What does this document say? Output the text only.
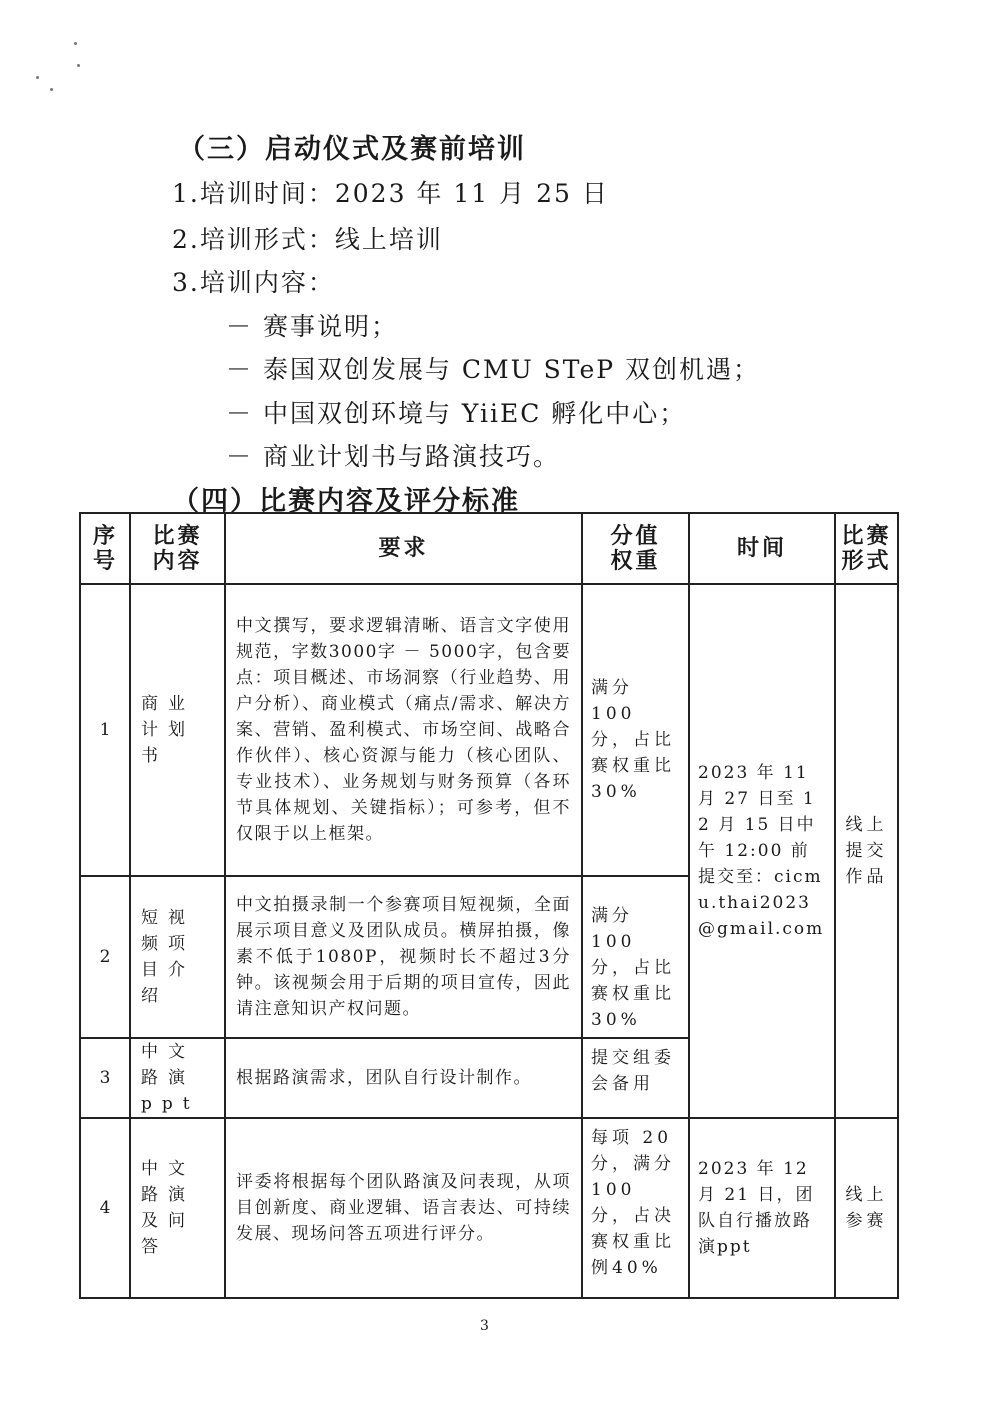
（三）启动仪式及赛前培训
1.培训时间：2023 年 11 月 25 日
2.培训形式：线上培训
3.培训内容：
－ 赛事说明；
－ 泰国双创发展与 CMU STeP 双创机遇；
－ 中国双创环境与 YiiEC 孵化中心；
－ 商业计划书与路演技巧。
（四）比赛内容及评分标准
序号	比赛内容	要求	分值权重	时间	比赛形式

1	商业计划书	中文撰写，要求逻辑清晰、语言文字使用规范，字数3000字 － 5000字，包含要点：项目概述、市场洞察（行业趋势、用户分析）、商业模式（痛点/需求、解决方案、营销、盈利模式、市场空间、战略合作伙伴）、核心资源与能力（核心团队、专业技术）、业务规划与财务预算（各环节具体规划、关键指标）；可参考，但不仅限于以上框架。	满分 100 分，占比赛权重比30%	2023 年 11 月 27 日至 12 月 15 日中午 12:00 前提交至：cicmu.thai2023@gmail.com	线上提交作品

2	短视频项目介绍	中文拍摄录制一个参赛项目短视频，全面展示项目意义及团队成员。横屏拍摄，像素不低于1080P，视频时长不超过3分钟。该视频会用于后期的项目宣传，因此请注意知识产权问题。	满分 100 分，占比赛权重比30%		
3	中文路演ppt	根据路演需求，团队自行设计制作。	提交组委会备用		
4	中文路演及问答	评委将根据每个团队路演及问表现，从项目创新度、商业逻辑、语言表达、可持续发展、现场问答五项进行评分。	每项 20 分，满分 100 分，占决赛权重比例40%	2023 年 12 月 21 日，团队自行播放路演ppt	线上参赛
3
